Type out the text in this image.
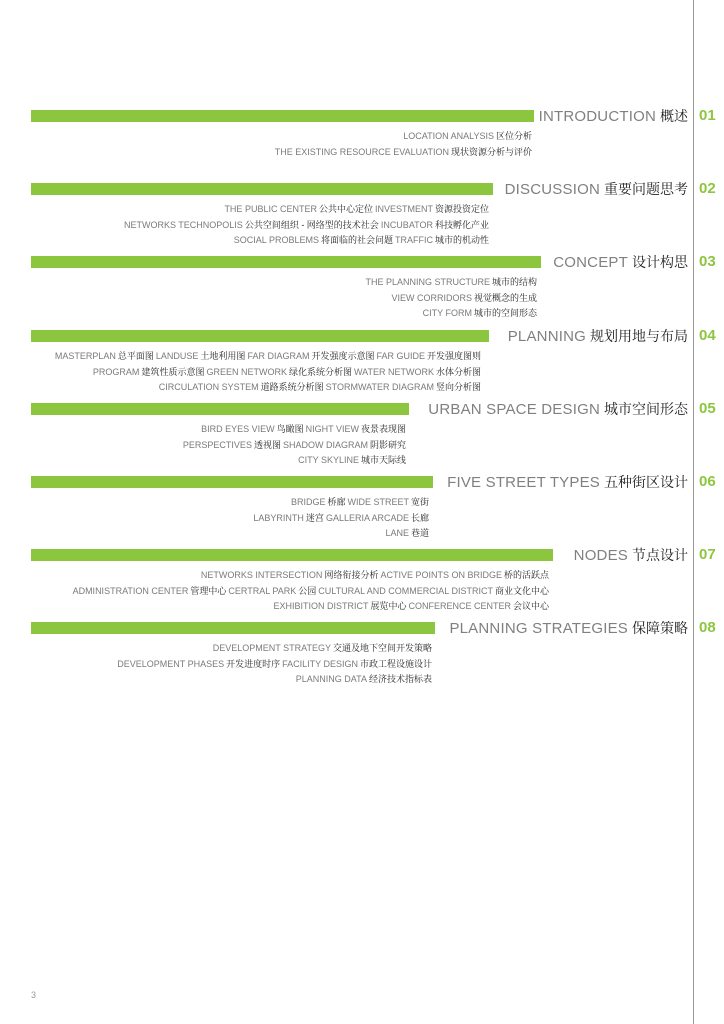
INTRODUCTION 概述 01
LOCATION ANALYSIS 区位分析
THE EXISTING RESOURCE EVALUATION 现状资源分析与评价
DISCUSSION 重要问题思考 02
THE PUBLIC CENTER 公共中心定位 INVESTMENT 资源投资定位
NETWORKS TECHNOPOLIS 公共空间组织 - 网络型的技术社会 INCUBATOR 科技孵化产业
SOCIAL PROBLEMS 将面临的社会问题 TRAFFIC 城市的机动性
CONCEPT 设计构思 03
THE PLANNING STRUCTURE 城市的结构
VIEW CORRIDORS 视觉概念的生成
CITY FORM 城市的空间形态
PLANNING 规划用地与布局 04
MASTERPLAN 总平面图 LANDUSE 土地利用图 FAR DIAGRAM 开发强度示意图 FAR GUIDE 开发强度图则
PROGRAM 建筑性质示意图 GREEN NETWORK 绿化系统分析图 WATER NETWORK 水体分析图
CIRCULATION SYSTEM 道路系统分析图 STORMWATER DIAGRAM 竖向分析图
URBAN SPACE DESIGN 城市空间形态 05
BIRD EYES VIEW 鸟瞰图 NIGHT VIEW 夜景表现图
PERSPECTIVES 透视图 SHADOW DIAGRAM 阴影研究
CITY SKYLINE 城市天际线
FIVE STREET TYPES 五种街区设计 06
BRIDGE 桥廊 WIDE STREET 宽街
LABYRINTH 迷宫 GALLERIA ARCADE 长廊
LANE 巷道
NODES 节点设计 07
NETWORKS INTERSECTION 网络衔接分析 ACTIVE POINTS ON BRIDGE 桥的活跃点
ADMINISTRATION CENTER 管理中心 CERTRAL PARK 公园 CULTURAL AND COMMERCIAL DISTRICT 商业文化中心
EXHIBITION DISTRICT 展览中心 CONFERENCE CENTER 会议中心
PLANNING STRATEGIES 保障策略 08
DEVELOPMENT STRATEGY 交通及地下空间开发策略
DEVELOPMENT PHASES 开发进度时序 FACILITY DESIGN 市政工程设施设计
PLANNING DATA 经济技术指标表
3
